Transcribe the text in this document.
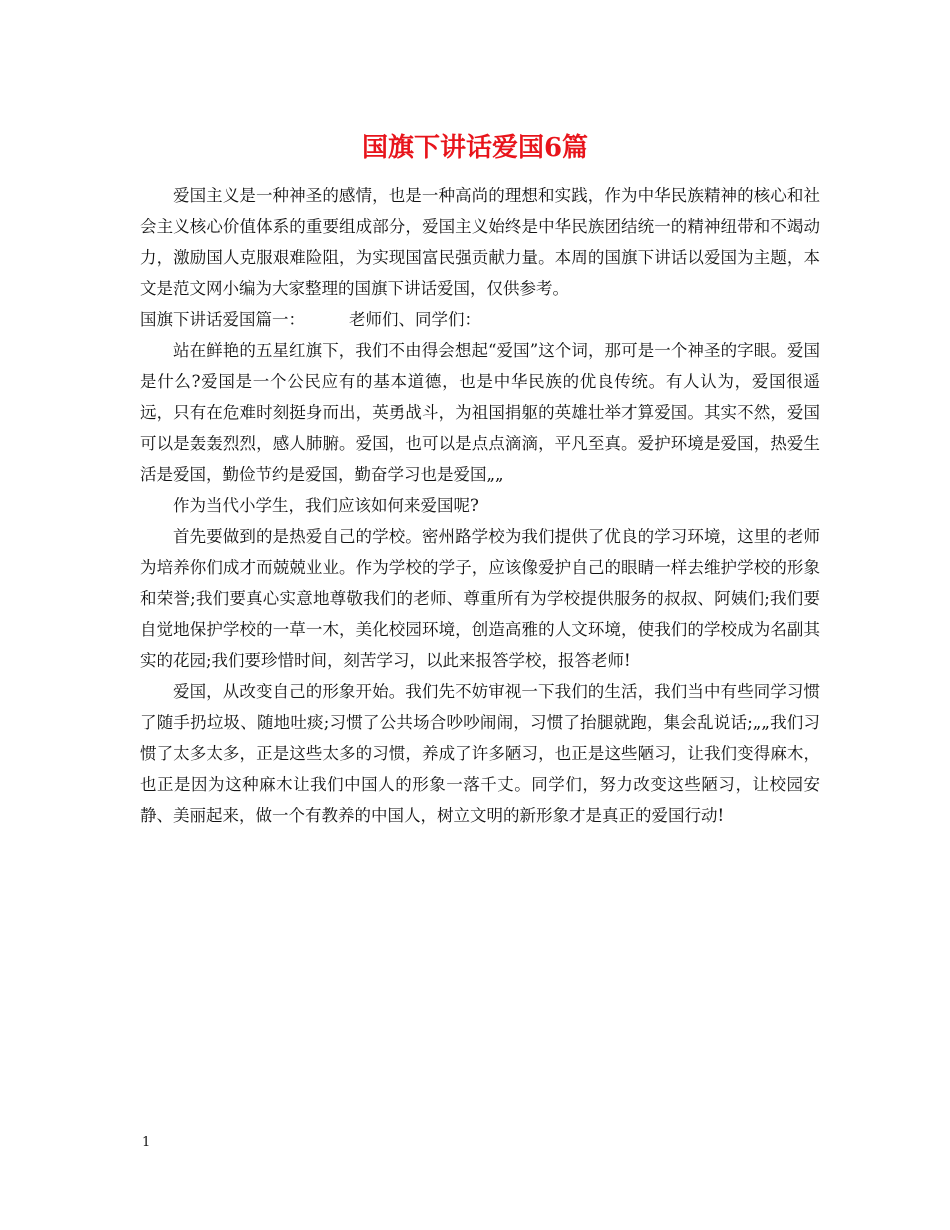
国旗下讲话爱国6篇

爱国主义是一种神圣的感情，也是一种高尚的理想和实践，作为中华民族精神的核心和社会主义核心价值体系的重要组成部分，爱国主义始终是中华民族团结统一的精神纽带和不竭动力，激励国人克服艰难险阻，为实现国富民强贡献力量。本周的国旗下讲话以爱国为主题，本文是范文网小编为大家整理的国旗下讲话爱国，仅供参考。

国旗下讲话爱国篇一：	老师们、同学们：

站在鲜艳的五星红旗下，我们不由得会想起“爱国”这个词，那可是一个神圣的字眼。爱国是什么?爱国是一个公民应有的基本道德，也是中华民族的优良传统。有人认为，爱国很遥远，只有在危难时刻挺身而出，英勇战斗，为祖国捐躯的英雄壮举才算爱国。其实不然，爱国可以是轰轰烈烈，感人肺腑。爱国，也可以是点点滴滴，平凡至真。爱护环境是爱国，热爱生活是爱国，勤俭节约是爱国，勤奋学习也是爱国„„

作为当代小学生，我们应该如何来爱国呢?

首先要做到的是热爱自己的学校。密州路学校为我们提供了优良的学习环境，这里的老师为培养你们成才而兢兢业业。作为学校的学子，应该像爱护自己的眼睛一样去维护学校的形象和荣誉;我们要真心实意地尊敬我们的老师、尊重所有为学校提供服务的叔叔、阿姨们;我们要自觉地保护学校的一草一木，美化校园环境，创造高雅的人文环境，使我们的学校成为名副其实的花园;我们要珍惜时间，刻苦学习，以此来报答学校，报答老师!

爱国，从改变自己的形象开始。我们先不妨审视一下我们的生活，我们当中有些同学习惯了随手扔垃圾、随地吐痰;习惯了公共场合吵吵闹闹，习惯了抬腿就跑，集会乱说话;„„我们习惯了太多太多，正是这些太多的习惯，养成了许多陋习，也正是这些陋习，让我们变得麻木，也正是因为这种麻木让我们中国人的形象一落千丈。同学们，努力改变这些陋习，让校园安静、美丽起来，做一个有教养的中国人，树立文明的新形象才是真正的爱国行动!

1
